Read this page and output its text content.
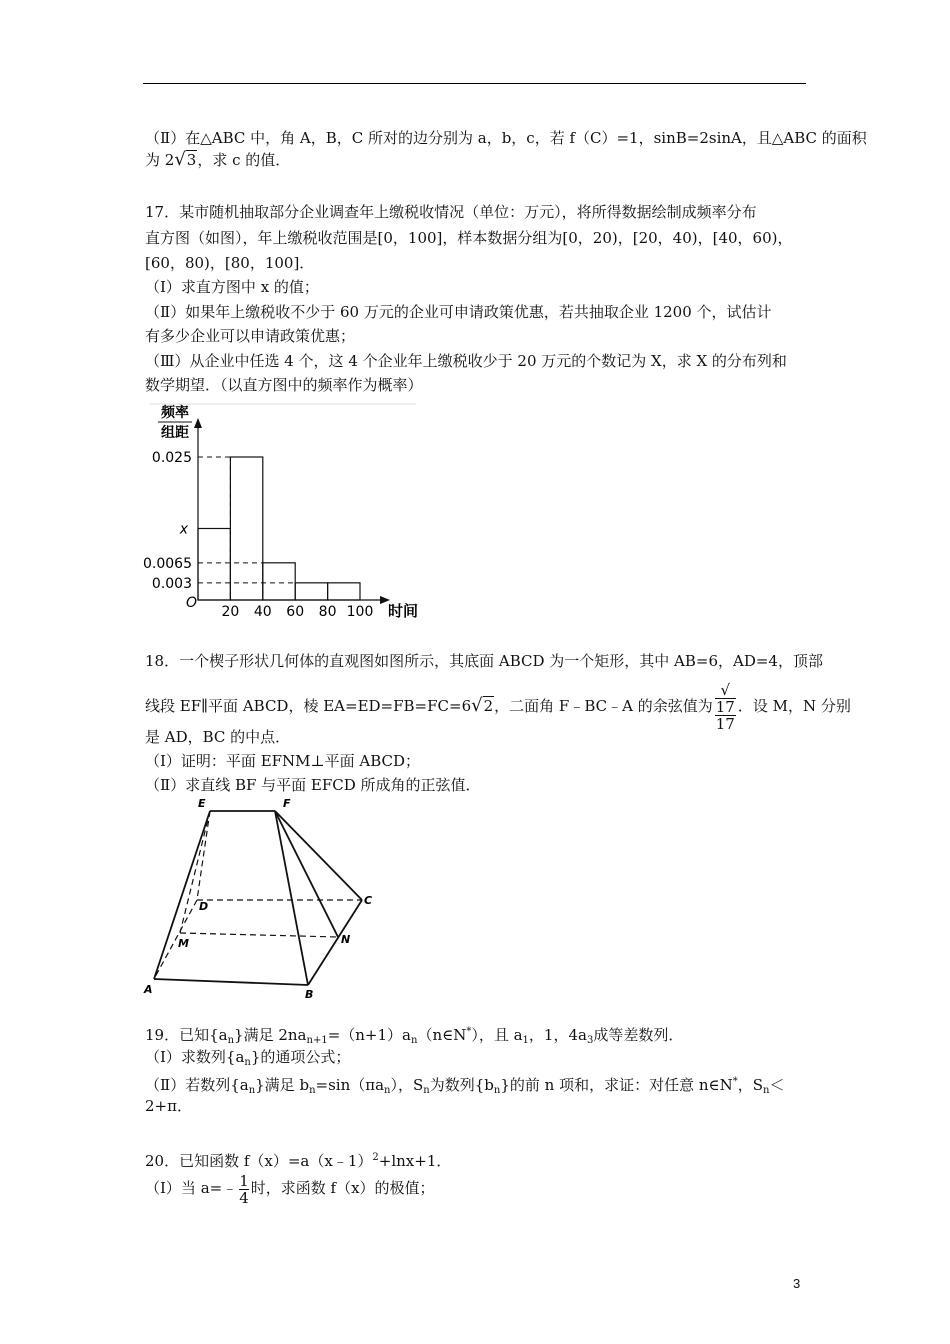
（Ⅱ）在△ABC 中，角 A，B，C 所对的边分别为 a，b，c，若 f（C）=1，sinB=2sinA，且△ABC 的面积
为 2√3，求 c 的值．
17．某市随机抽取部分企业调查年上缴税收情况（单位：万元），将所得数据绘制成频率分布
直方图（如图），年上缴税收范围是[0，100]，样本数据分组为[0，20)，[20，40)，[40，60)，
[60，80)，[80，100]．
（Ⅰ）求直方图中 x 的值；
（Ⅱ）如果年上缴税收不少于 60 万元的企业可申请政策优惠，若共抽取企业 1200 个，试估计
有多少企业可以申请政策优惠；
（Ⅲ）从企业中任选 4 个，这 4 个企业年上缴税收少于 20 万元的个数记为 X，求 X 的分布列和
数学期望．（以直方图中的频率作为概率）
频率
组距
O	时间
0.025
x
0.0065
0.003
20 40 60 80 100
18．一个楔子形状几何体的直观图如图所示，其底面 ABCD 为一个矩形，其中 AB=6，AD=4，顶部
线段 EF∥平面 ABCD，棱 EA=ED=FB=FC=6√2，二面角 F﹣BC﹣A 的余弦值为 √
17
17 ．设 M，N 分别
是 AD，BC 的中点．
（Ⅰ）证明：平面 EFNM⊥平面 ABCD；
（Ⅱ）求直线 BF 与平面 EFCD 所成角的正弦值．
E	F
D	C
M	N
A	B
19．已知$\{a_n\}$满足 $2na_{n+1}=(n+1)a_n(n\in N^*)$，且 $a_1$，1，$4a_3$成等差数列．
（Ⅰ）求数列$\{a_n\}$的通项公式；
（Ⅱ）若数列$\{a_n\}$满足 $b_n=\sin(\pi a_n)$，$S_n$为数列$\{b_n\}$的前 n 项和，求证：对任意 n∈N*，$S_n<$
2+π．
20．已知函数 f（x）=a（x﹣1）$^2$+lnx+1．
（Ⅰ）当 a=﹣ $\frac{1}{4}$ 时，求函数 f（x）的极值；
3
